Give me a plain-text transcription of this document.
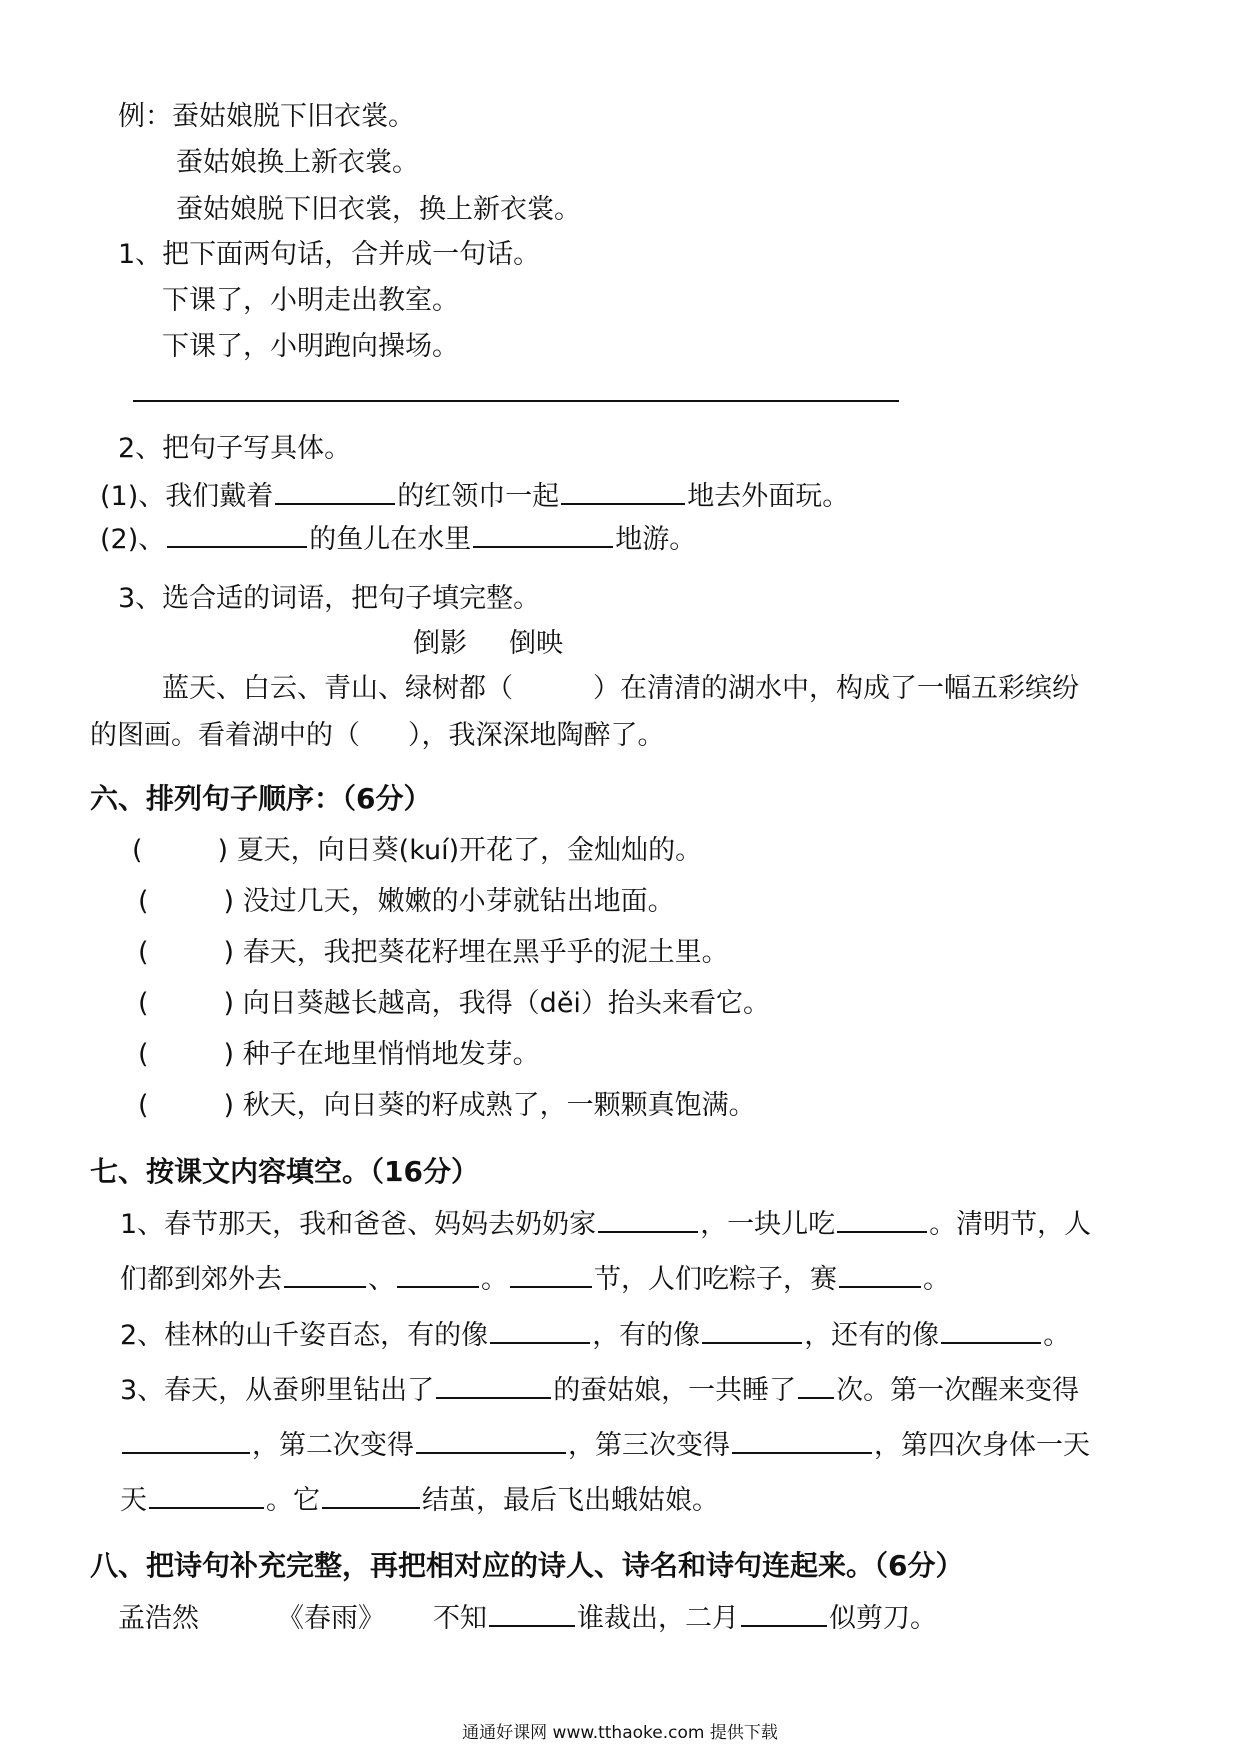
例：蚕姑娘脱下旧衣裳。
蚕姑娘换上新衣裳。
蚕姑娘脱下旧衣裳，换上新衣裳。
1、把下面两句话，合并成一句话。
下课了，小明走出教室。
下课了，小明跑向操场。
2、把句子写具体。
(1)、我们戴着	的红领巾一起	地去外面玩。
(2)、	的鱼儿在水里	地游。
3、选合适的词语，把句子填完整。
倒影 倒映
蓝天、白云、青山、绿树都（	）在清清的湖水中，构成了一幅五彩缤纷
的图画。看着湖中的（ ），我深深地陶醉了。
六、排列句子顺序：（6分）
(	) 夏天，向日葵(kuí)开花了，金灿灿的。
(	) 没过几天，嫩嫩的小芽就钻出地面。
(	) 春天，我把葵花籽埋在黑乎乎的泥土里。
(	) 向日葵越长越高，我得（děi）抬头来看它。
(	) 种子在地里悄悄地发芽。
(	) 秋天，向日葵的籽成熟了，一颗颗真饱满。
七、按课文内容填空。（16分）
1、春节那天，我和爸爸、妈妈去奶奶家	，一块儿吃	。清明节，人
们都到郊外去	、	。	节，人们吃粽子，赛	。
2、桂林的山千姿百态，有的像	，有的像	，还有的像	。
3、春天，从蚕卵里钻出了	的蚕姑娘，一共睡了 次。第一次醒来变得
，第二次变得	，第三次变得	，第四次身体一天
天	。它	结茧，最后飞出蛾姑娘。
八、把诗句补充完整，再把相对应的诗人、诗名和诗句连起来。（6分）
孟浩然	《春雨》 不知	谁裁出，二月	似剪刀。
通通好课网 www.tthaoke.com 提供下载
